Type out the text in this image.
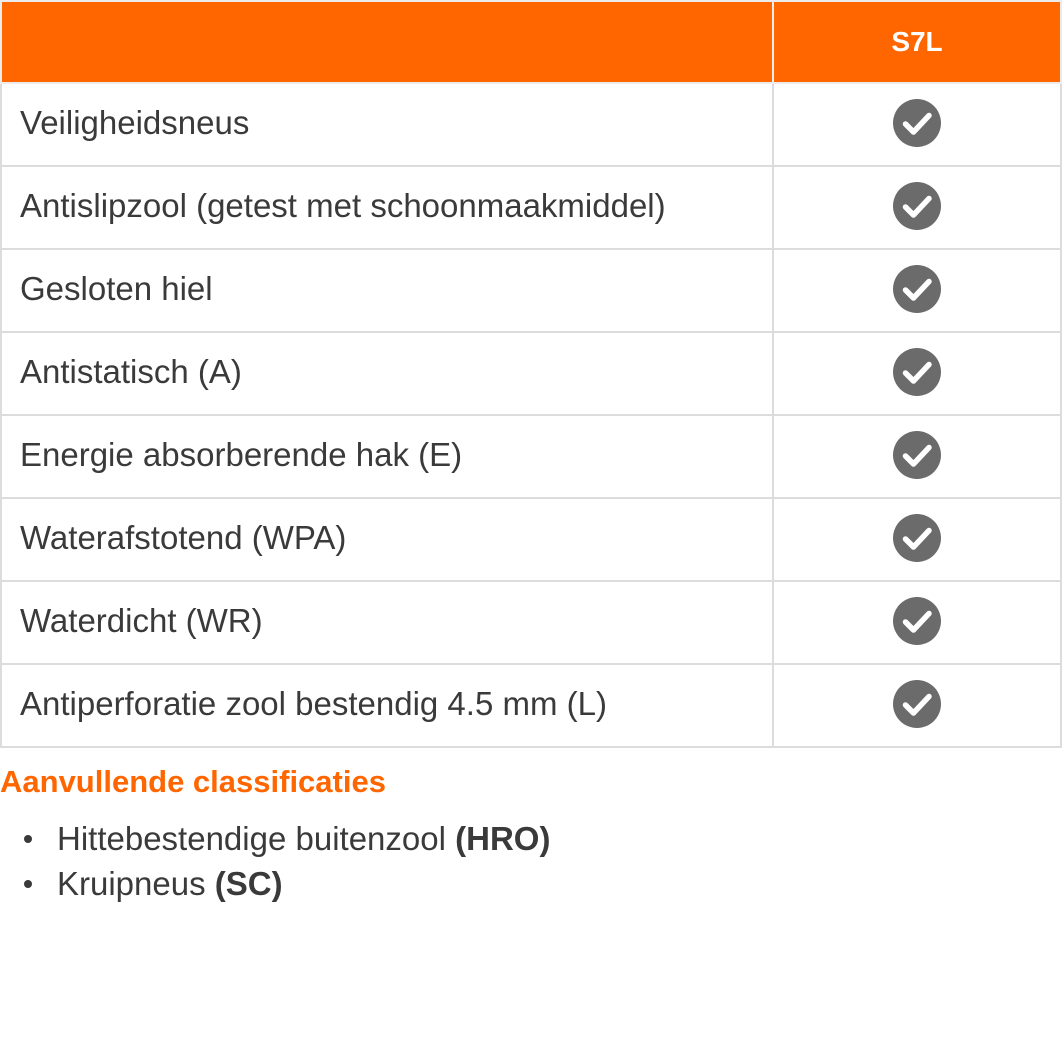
	S7L

Veiligheidsneus

Antislipzool (getest met schoonmaakmiddel)

Gesloten hiel

Antistatisch (A)

Energie absorberende hak (E)

Waterafstotend (WPA)

Waterdicht (WR)

Antiperforatie zool bestendig 4.5 mm (L)

Aanvullende classificaties
Hittebestendige buitenzool (HRO)
Kruipneus (SC)
